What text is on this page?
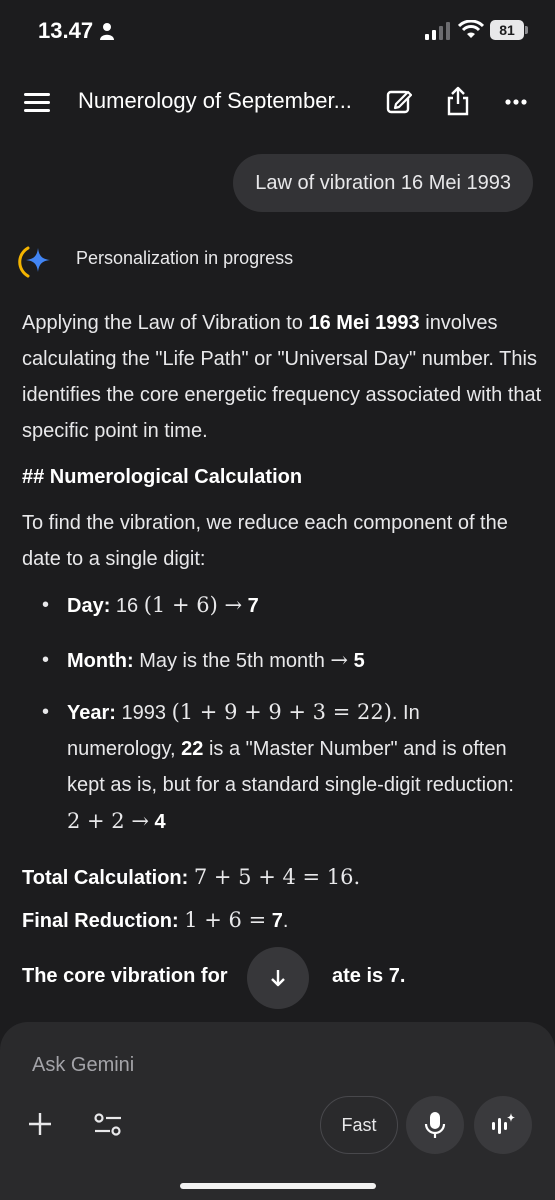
13.47	81
Numerology of September...
Law of vibration 16 Mei 1993
Personalization in progress
Applying the Law of Vibration to 16 Mei 1993 involves calculating the "Life Path" or "Universal Day" number. This identifies the core energetic frequency associated with that specific point in time.
## Numerological Calculation
To find the vibration, we reduce each component of the date to a single digit:
• Day: 16 (1 + 6) → 7
• Month: May is the 5th month → 5
• Year: 1993 (1 + 9 + 9 + 3 = 22). In numerology, 22 is a "Master Number" and is often kept as is, but for a standard single-digit reduction: 2 + 2 → 4
Total Calculation: 7 + 5 + 4 = 16.
Final Reduction: 1 + 6 = 7.
The core vibration for	ate is 7.
Ask Gemini
Fast
